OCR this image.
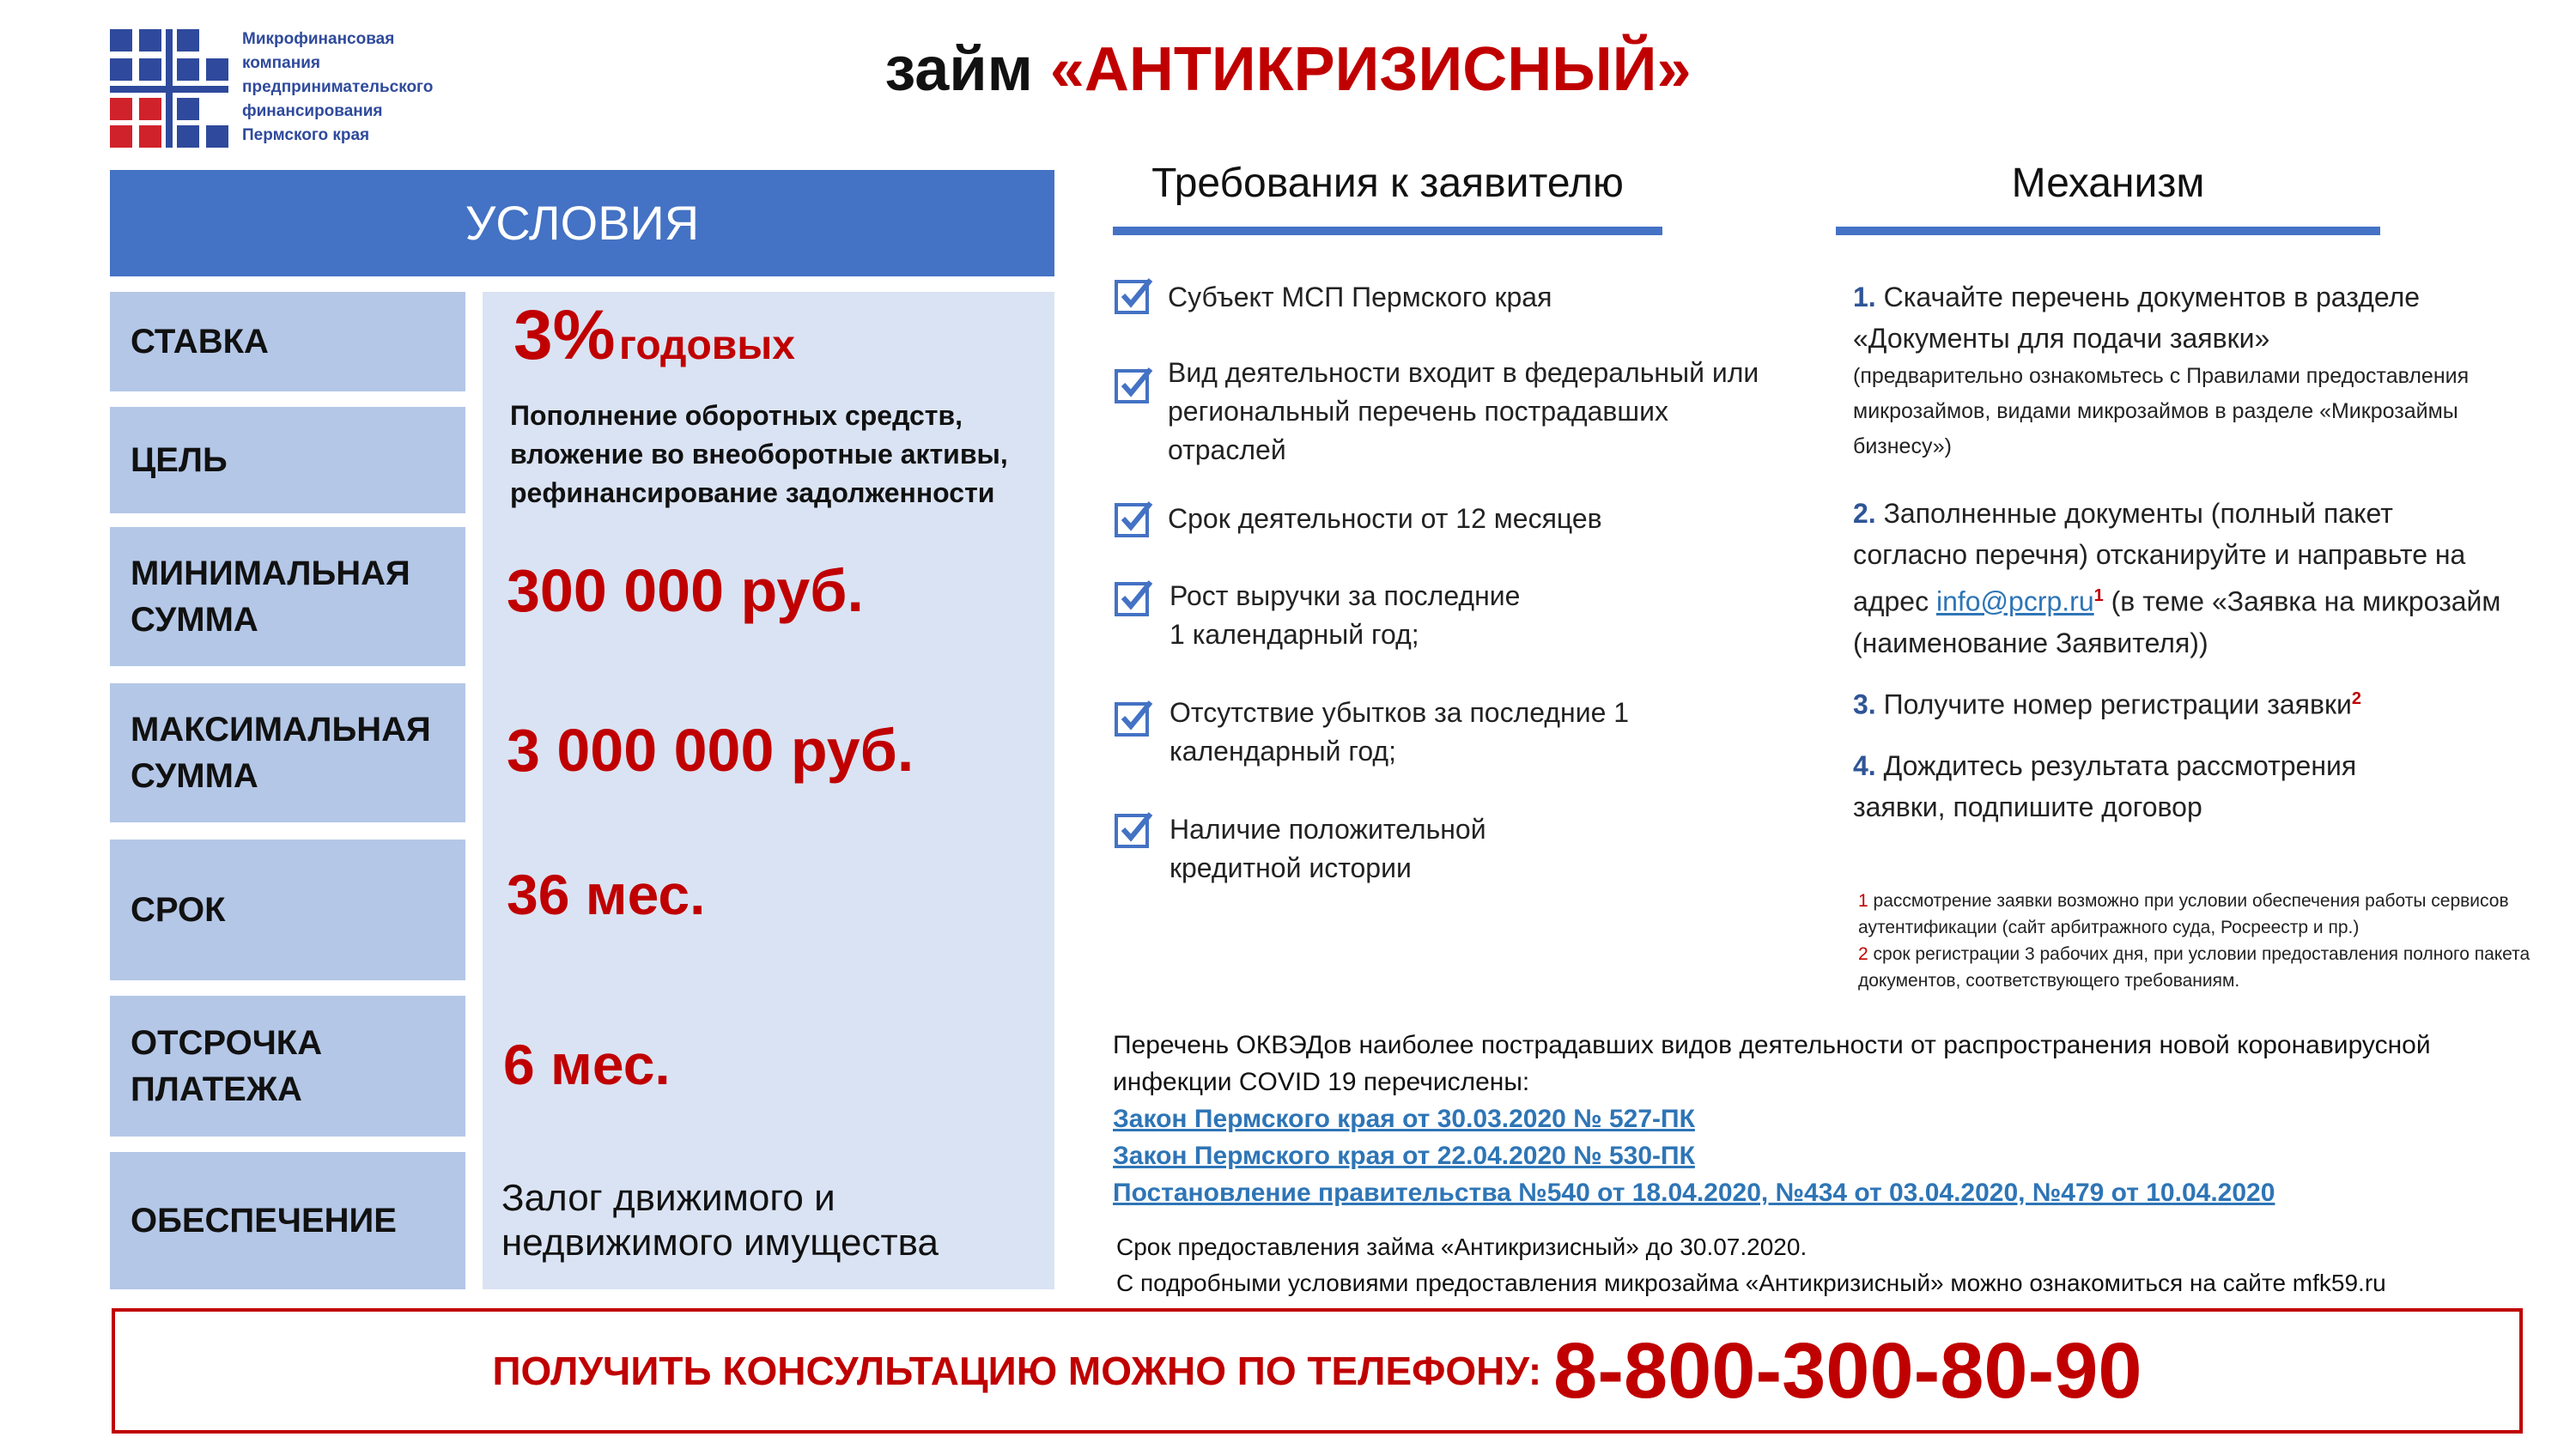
Микрофинансовая
компания
предпринимательского
финансирования
Пермского края
займ «АНТИКРИЗИСНЫЙ»
УСЛОВИЯ
СТАВКА
ЦЕЛЬ
МИНИМАЛЬНАЯ СУММА
МАКСИМАЛЬНАЯ СУММА
СРОК
ОТСРОЧКА ПЛАТЕЖА
ОБЕСПЕЧЕНИЕ
3% годовых
Пополнение оборотных средств, вложение во внеоборотные активы, рефинансирование задолженности
300 000 руб.
3 000 000 руб.
36 мес.
6 мес.
Залог движимого и недвижимого имущества
Требования к заявителю
Субъект МСП Пермского края
Вид деятельности входит в федеральный или региональный перечень пострадавших отраслей
Срок деятельности от 12 месяцев
Рост выручки за последние 1 календарный год;
Отсутствие убытков за последние 1 календарный год;
Наличие положительной кредитной истории
Механизм
1. Скачайте перечень документов в разделе «Документы для подачи заявки»
(предварительно ознакомьтесь с Правилами предоставления микрозаймов, видами микрозаймов в разделе «Микрозаймы бизнесу»)
2. Заполненные документы (полный пакет согласно перечня) отсканируйте и направьте на адрес $info@pcrp.ru^1$ (в теме «Заявка на микрозайм (наименование Заявителя))
3. Получите номер регистрации заявки$^2$
4. Дождитесь результата рассмотрения заявки, подпишите договор
1 рассмотрение заявки возможно при условии обеспечения работы сервисов аутентификации (сайт арбитражного суда, Росреестр и пр.)
2 срок регистрации 3 рабочих дня, при условии предоставления полного пакета документов, соответствующего требованиям.
Перечень ОКВЭДов наиболее пострадавших видов деятельности от распространения новой коронавирусной инфекции COVID 19 перечислены:
Закон Пермского края от 30.03.2020 № 527-ПК
Закон Пермского края от 22.04.2020 № 530-ПК
Постановление правительства №540 от 18.04.2020, №434 от 03.04.2020, №479 от 10.04.2020
Срок предоставления займа «Антикризисный» до 30.07.2020.
С подробными условиями предоставления микрозайма «Антикризисный» можно ознакомиться на сайте mfk59.ru
ПОЛУЧИТЬ КОНСУЛЬТАЦИЮ МОЖНО ПО ТЕЛЕФОНУ: 8-800-300-80-90
